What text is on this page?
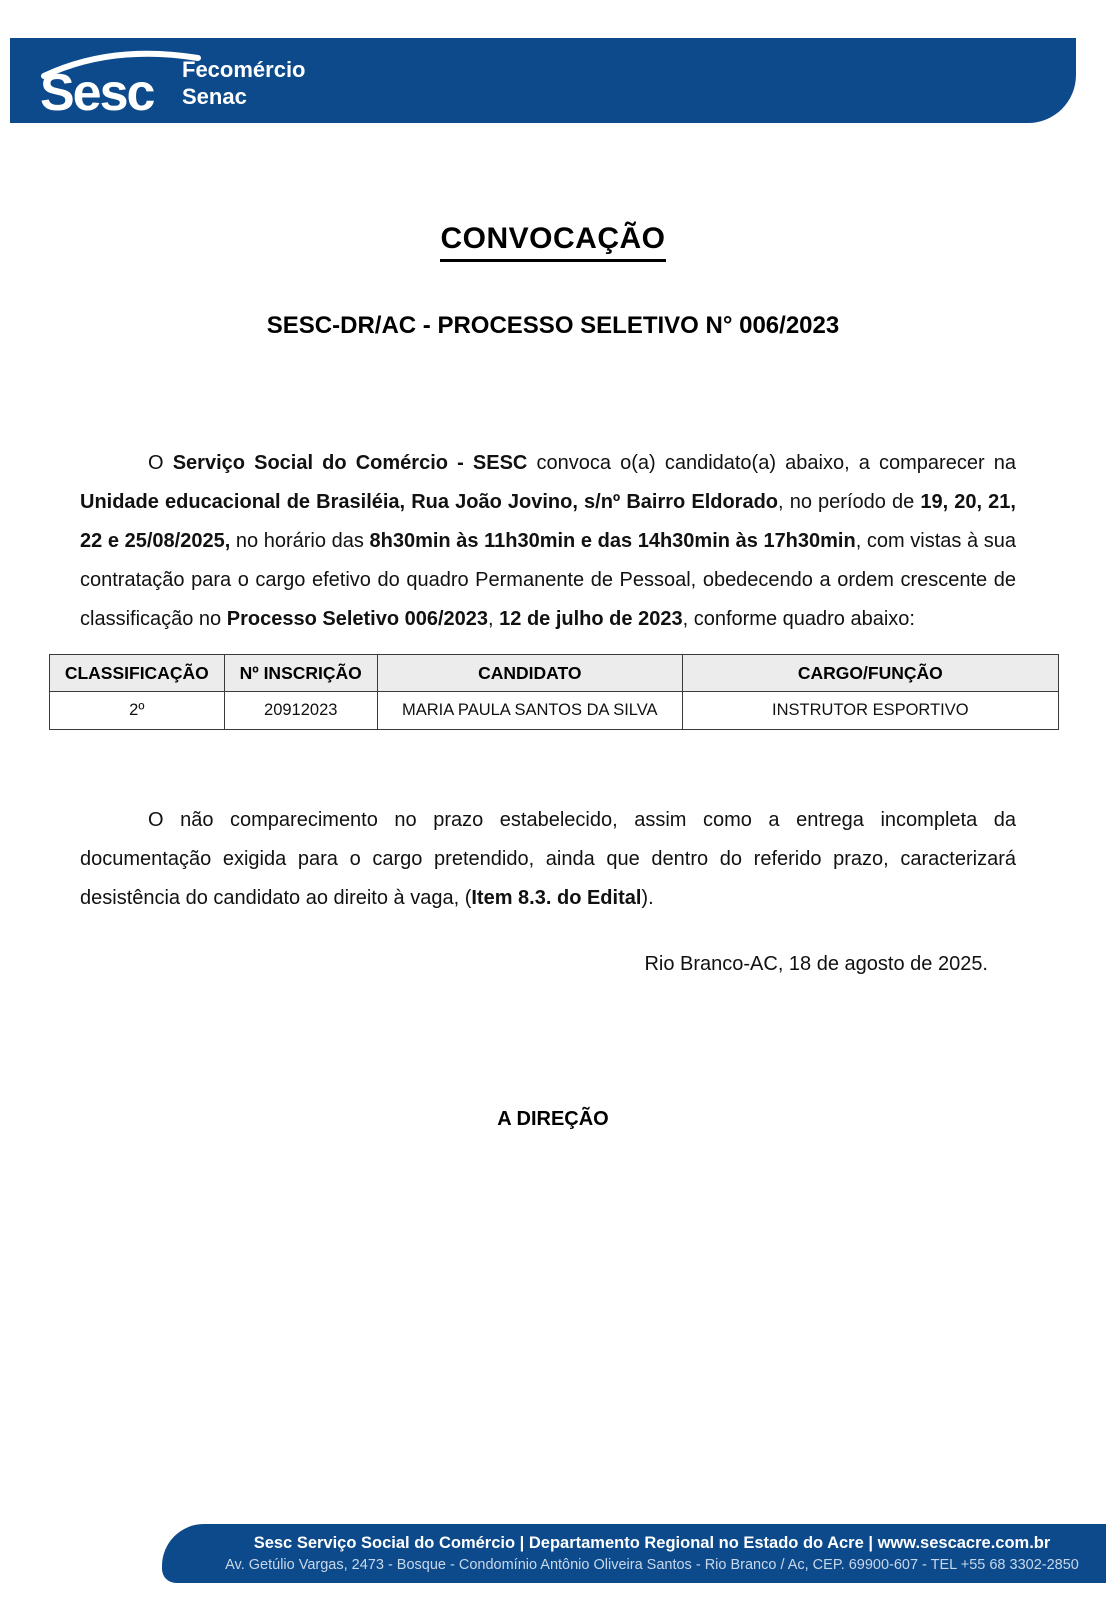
Sesc Fecomércio
Senac
CONVOCAÇÃO
SESC-DR/AC - PROCESSO SELETIVO N° 006/2023

O Serviço Social do Comércio - SESC convoca o(a) candidato(a) abaixo, a comparecer na Unidade educacional de Brasiléia, Rua João Jovino, s/nº Bairro Eldorado, no período de 19, 20, 21, 22 e 25/08/2025, no horário das 8h30min às 11h30min e das 14h30min às 17h30min, com vistas à sua contratação para o cargo efetivo do quadro Permanente de Pessoal, obedecendo a ordem crescente de classificação no Processo Seletivo 006/2023, 12 de julho de 2023, conforme quadro abaixo:

CLASSIFICAÇÃO	Nº INSCRIÇÃO	CANDIDATO	CARGO/FUNÇÃO
2º	20912023	MARIA PAULA SANTOS DA SILVA	INSTRUTOR ESPORTIVO

O não comparecimento no prazo estabelecido, assim como a entrega incompleta da documentação exigida para o cargo pretendido, ainda que dentro do referido prazo, caracterizará desistência do candidato ao direito à vaga, (Item 8.3. do Edital).

Rio Branco-AC, 18 de agosto de 2025.
A DIREÇÃO
Sesc Serviço Social do Comércio | Departamento Regional no Estado do Acre | www.sescacre.com.br
Av. Getúlio Vargas, 2473 - Bosque - Condomínio Antônio Oliveira Santos - Rio Branco / Ac, CEP. 69900-607 - TEL +55 68 3302-2850
